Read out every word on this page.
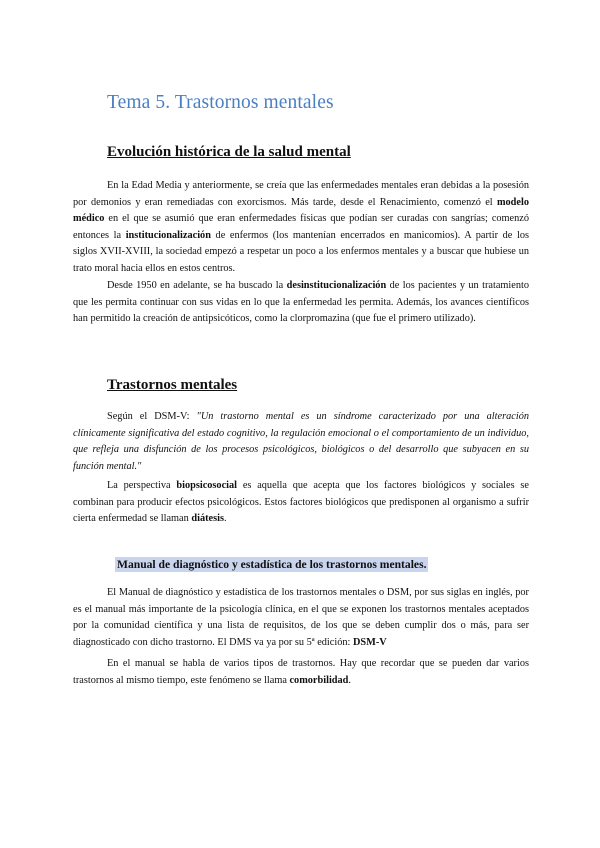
Tema 5. Trastornos mentales
Evolución histórica de la salud mental

En la Edad Media y anteriormente, se creía que las enfermedades mentales eran debidas a la posesión por demonios y eran remediadas con exorcismos. Más tarde, desde el Renacimiento, comenzó el modelo médico en el que se asumió que eran enfermedades físicas que podían ser curadas con sangrías; comenzó entonces la institucionalización de enfermos (los mantenían encerrados en manicomios). A partir de los siglos XVII-XVIII, la sociedad empezó a respetar un poco a los enfermos mentales y a buscar que hubiese un trato moral hacia ellos en estos centros.

Desde 1950 en adelante, se ha buscado la desinstitucionalización de los pacientes y un tratamiento que les permita continuar con sus vidas en lo que la enfermedad les permita. Además, los avances científicos han permitido la creación de antipsicóticos, como la clorpromazina (que fue el primero utilizado).

Trastornos mentales

Según el DSM-V: "Un trastorno mental es un síndrome caracterizado por una alteración clínicamente significativa del estado cognitivo, la regulación emocional o el comportamiento de un individuo, que refleja una disfunción de los procesos psicológicos, biológicos o del desarrollo que subyacen en su función mental."

La perspectiva biopsicosocial es aquella que acepta que los factores biológicos y sociales se combinan para producir efectos psicológicos. Estos factores biológicos que predisponen al organismo a sufrir cierta enfermedad se llaman diátesis.

Manual de diagnóstico y estadística de los trastornos mentales.

El Manual de diagnóstico y estadística de los trastornos mentales o DSM, por sus siglas en inglés, por es el manual más importante de la psicología clínica, en el que se exponen los trastornos mentales aceptados por la comunidad científica y una lista de requisitos, de los que se deben cumplir dos o más, para ser diagnosticado con dicho trastorno. El DMS va ya por su 5ª edición: DSM-V

En el manual se habla de varios tipos de trastornos. Hay que recordar que se pueden dar varios trastornos al mismo tiempo, este fenómeno se llama comorbilidad.
